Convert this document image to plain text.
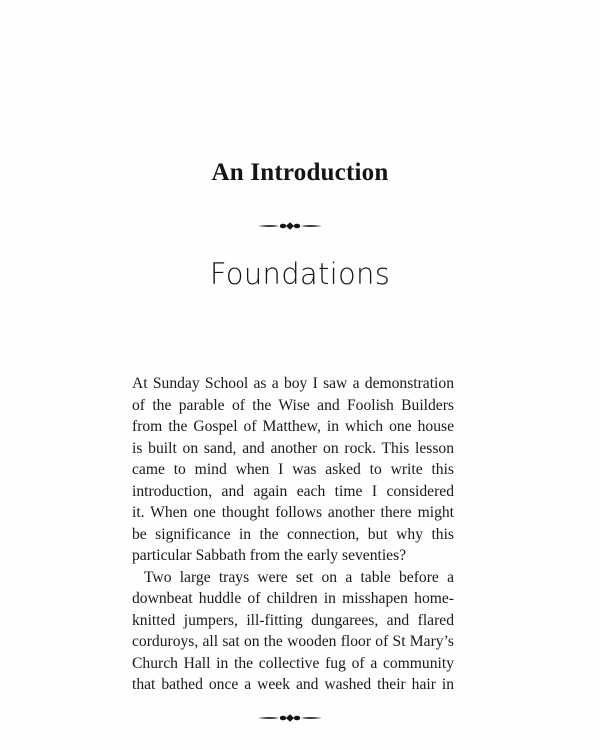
An Introduction
Foundations
At Sunday School as a boy I saw a demonstration
of the parable of the Wise and Foolish Builders
from the Gospel of Matthew, in which one house
is built on sand, and another on rock. This lesson
came to mind when I was asked to write this
introduction, and again each time I considered
it. When one thought follows another there might
be significance in the connection, but why this
particular Sabbath from the early seventies?
Two large trays were set on a table before a
downbeat huddle of children in misshapen home-
knitted jumpers, ill-fitting dungarees, and flared
corduroys, all sat on the wooden floor of St Mary’s
Church Hall in the collective fug of a community
that bathed once a week and washed their hair in
